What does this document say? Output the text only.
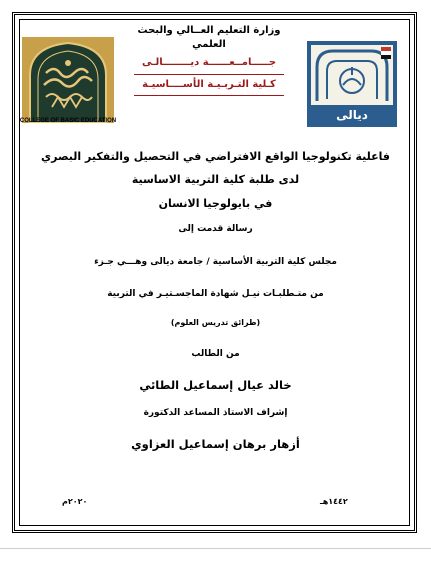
وزارة التعليم العــالي والبحث العلمي
جـــــامــعــــــة ديــــــــالـى
كـلية التـربـيـة الأســــاسيـة
COLLEGE OF BASIC EDUCATION	ديالى
فاعلية تكنولوجيا الواقع الافتراضي في التحصيل والتفكير البصري
لدى طلبة كلية التربية الاساسية
في بايولوجيا الانسان
رسالة قدمت إلى
مجلس كلية التربية الأساسية / جامعة ديالى وهـــي جـزء
من متـطلبـات نيـل شهادة الماجسـتيـر في التربية
(طرائق تدريس العلوم)
من الطالب
خالد عيال إسماعيل الطائي
إشراف الاستاذ المساعد الدكتورة
أزهار برهان إسماعيل العزاوي
١٤٤٢هـ
٢٠٢٠م
